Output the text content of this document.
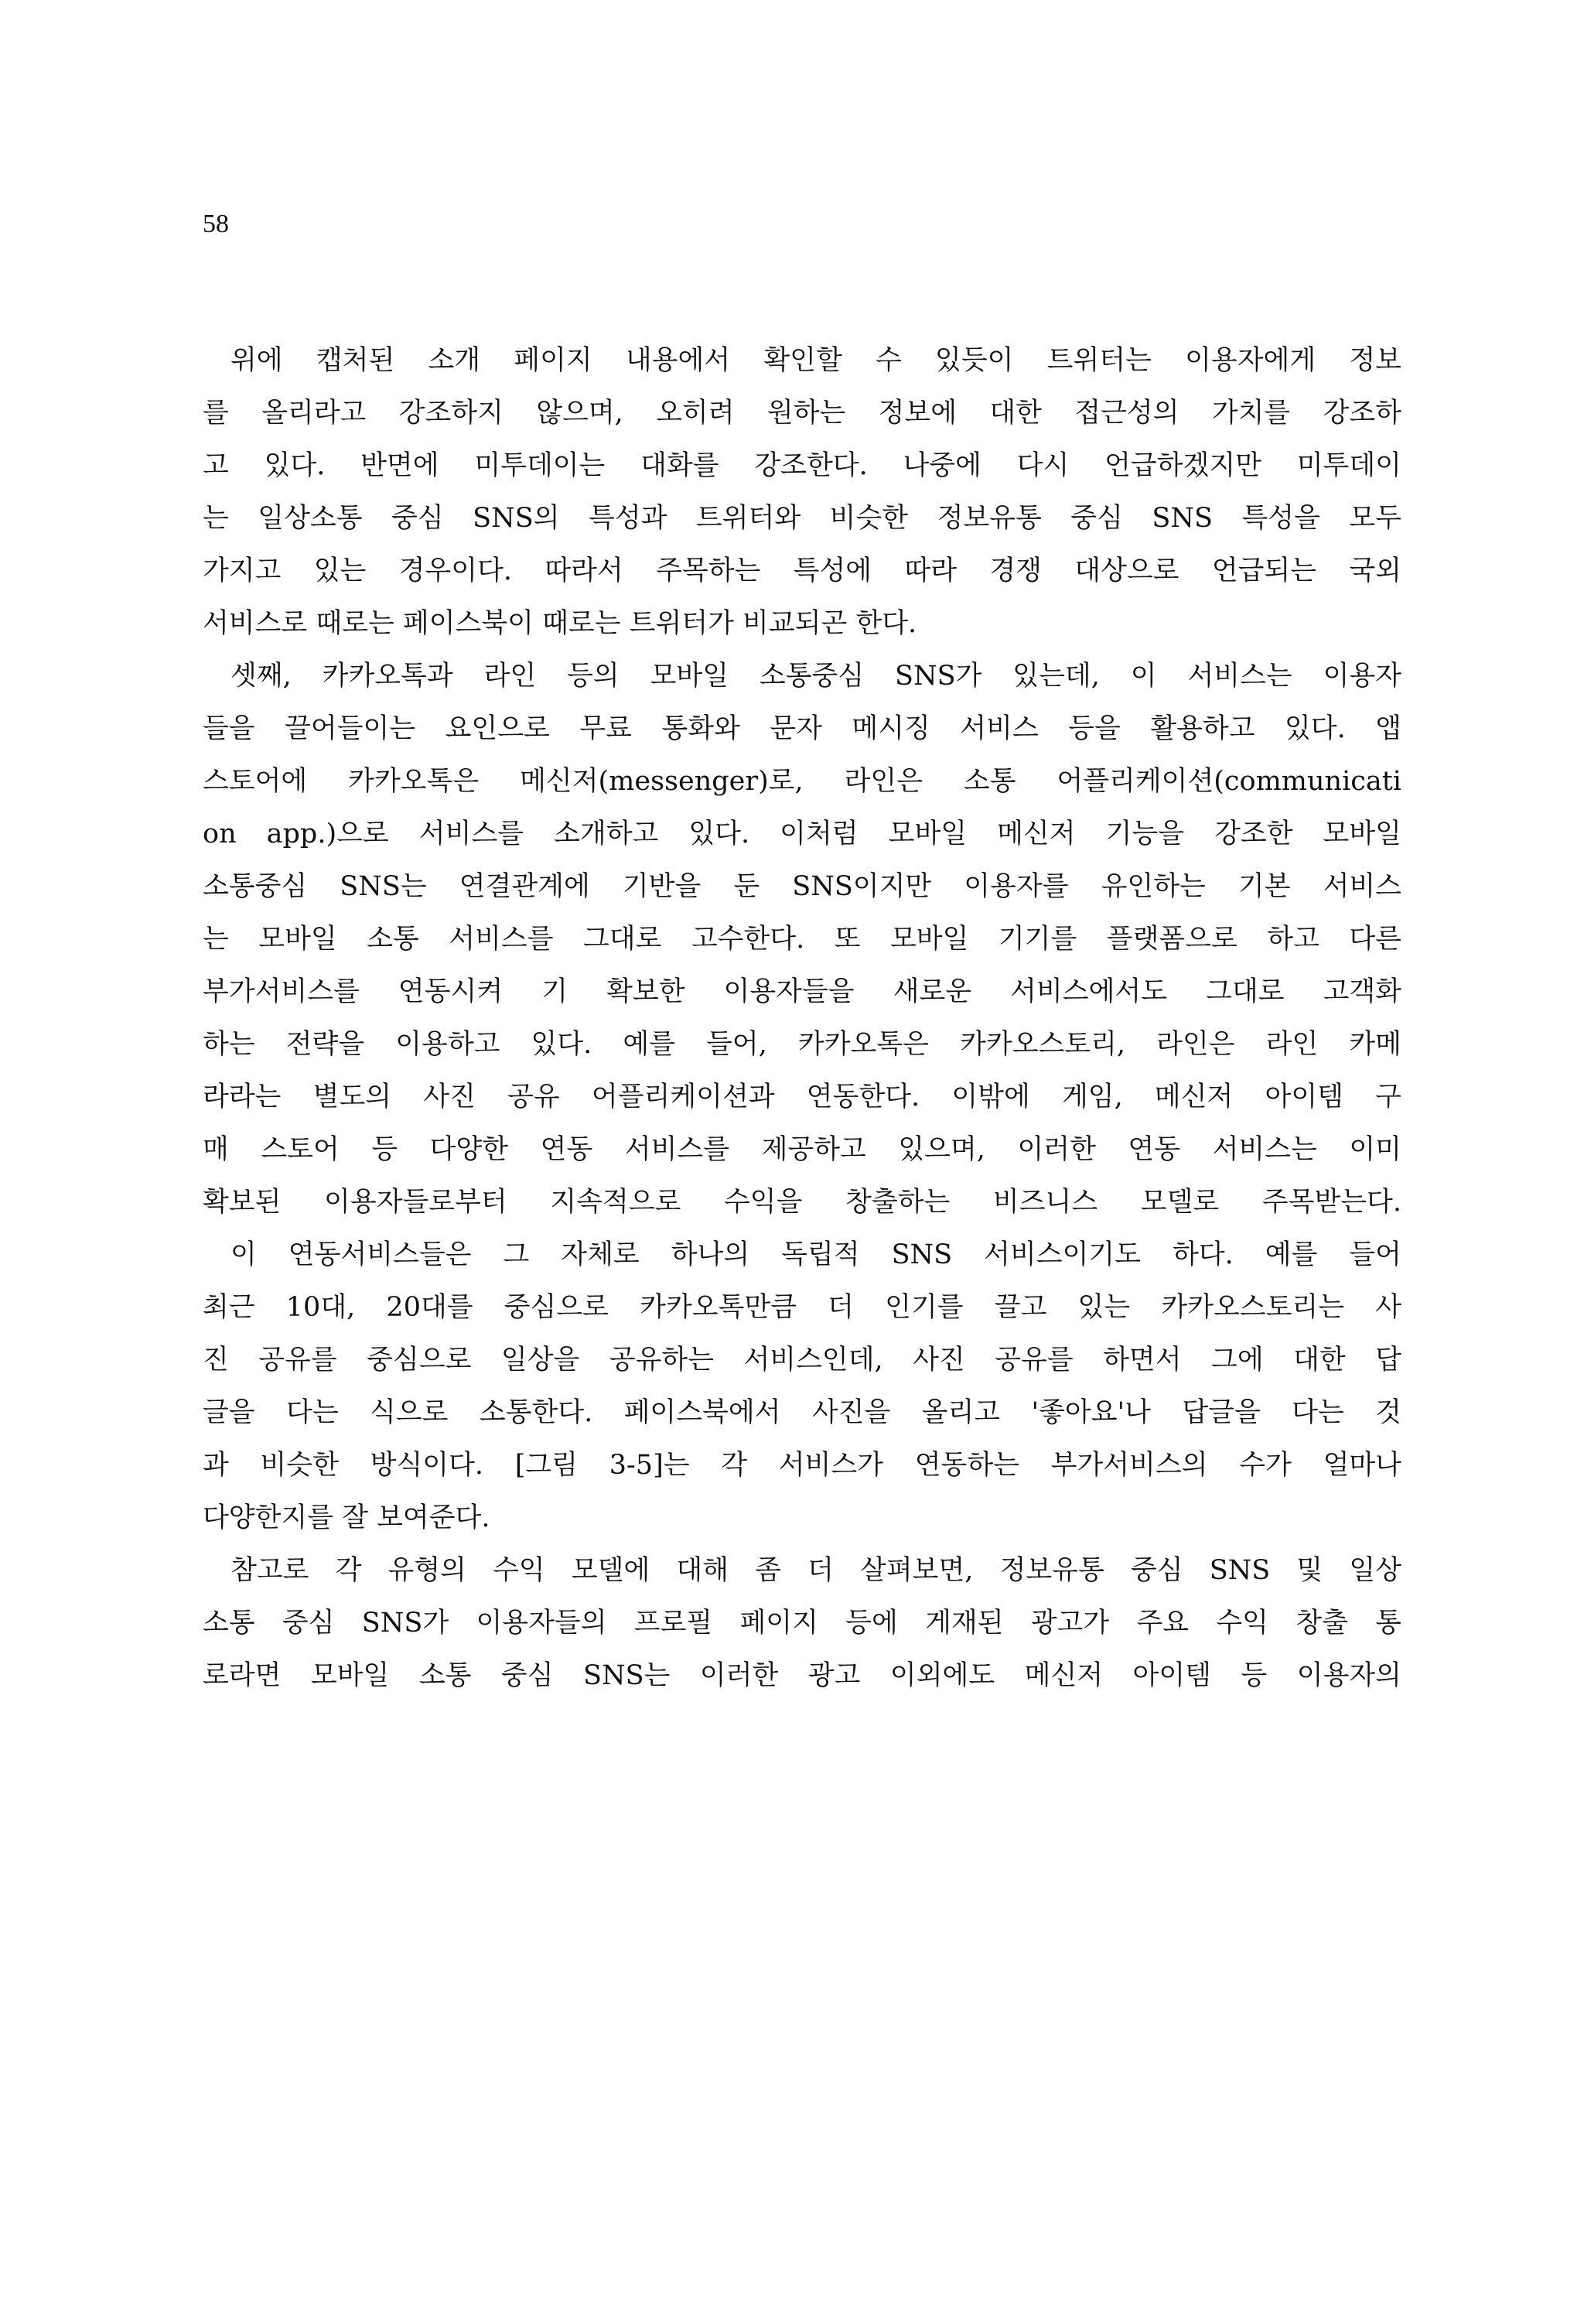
58
위에 캡처된 소개 페이지 내용에서 확인할 수 있듯이 트위터는 이용자에게 정보
를 올리라고 강조하지 않으며, 오히려 원하는 정보에 대한 접근성의 가치를 강조하
고 있다. 반면에 미투데이는 대화를 강조한다. 나중에 다시 언급하겠지만 미투데이
는 일상소통 중심 SNS의 특성과 트위터와 비슷한 정보유통 중심 SNS 특성을 모두
가지고 있는 경우이다. 따라서 주목하는 특성에 따라 경쟁 대상으로 언급되는 국외
서비스로 때로는 페이스북이 때로는 트위터가 비교되곤 한다.
셋째, 카카오톡과 라인 등의 모바일 소통중심 SNS가 있는데, 이 서비스는 이용자
들을 끌어들이는 요인으로 무료 통화와 문자 메시징 서비스 등을 활용하고 있다. 앱
스토어에 카카오톡은 메신저(messenger)로, 라인은 소통 어플리케이션(communicati
on app.)으로 서비스를 소개하고 있다. 이처럼 모바일 메신저 기능을 강조한 모바일
소통중심 SNS는 연결관계에 기반을 둔 SNS이지만 이용자를 유인하는 기본 서비스
는 모바일 소통 서비스를 그대로 고수한다. 또 모바일 기기를 플랫폼으로 하고 다른
부가서비스를 연동시켜 기 확보한 이용자들을 새로운 서비스에서도 그대로 고객화
하는 전략을 이용하고 있다. 예를 들어, 카카오톡은 카카오스토리, 라인은 라인 카메
라라는 별도의 사진 공유 어플리케이션과 연동한다. 이밖에 게임, 메신저 아이템 구
매 스토어 등 다양한 연동 서비스를 제공하고 있으며, 이러한 연동 서비스는 이미
확보된 이용자들로부터 지속적으로 수익을 창출하는 비즈니스 모델로 주목받는다.
이 연동서비스들은 그 자체로 하나의 독립적 SNS 서비스이기도 하다. 예를 들어
최근 10대, 20대를 중심으로 카카오톡만큼 더 인기를 끌고 있는 카카오스토리는 사
진 공유를 중심으로 일상을 공유하는 서비스인데, 사진 공유를 하면서 그에 대한 답
글을 다는 식으로 소통한다. 페이스북에서 사진을 올리고 '좋아요'나 답글을 다는 것
과 비슷한 방식이다. [그림 3-5]는 각 서비스가 연동하는 부가서비스의 수가 얼마나
다양한지를 잘 보여준다.
참고로 각 유형의 수익 모델에 대해 좀 더 살펴보면, 정보유통 중심 SNS 및 일상
소통 중심 SNS가 이용자들의 프로필 페이지 등에 게재된 광고가 주요 수익 창출 통
로라면 모바일 소통 중심 SNS는 이러한 광고 이외에도 메신저 아이템 등 이용자의
